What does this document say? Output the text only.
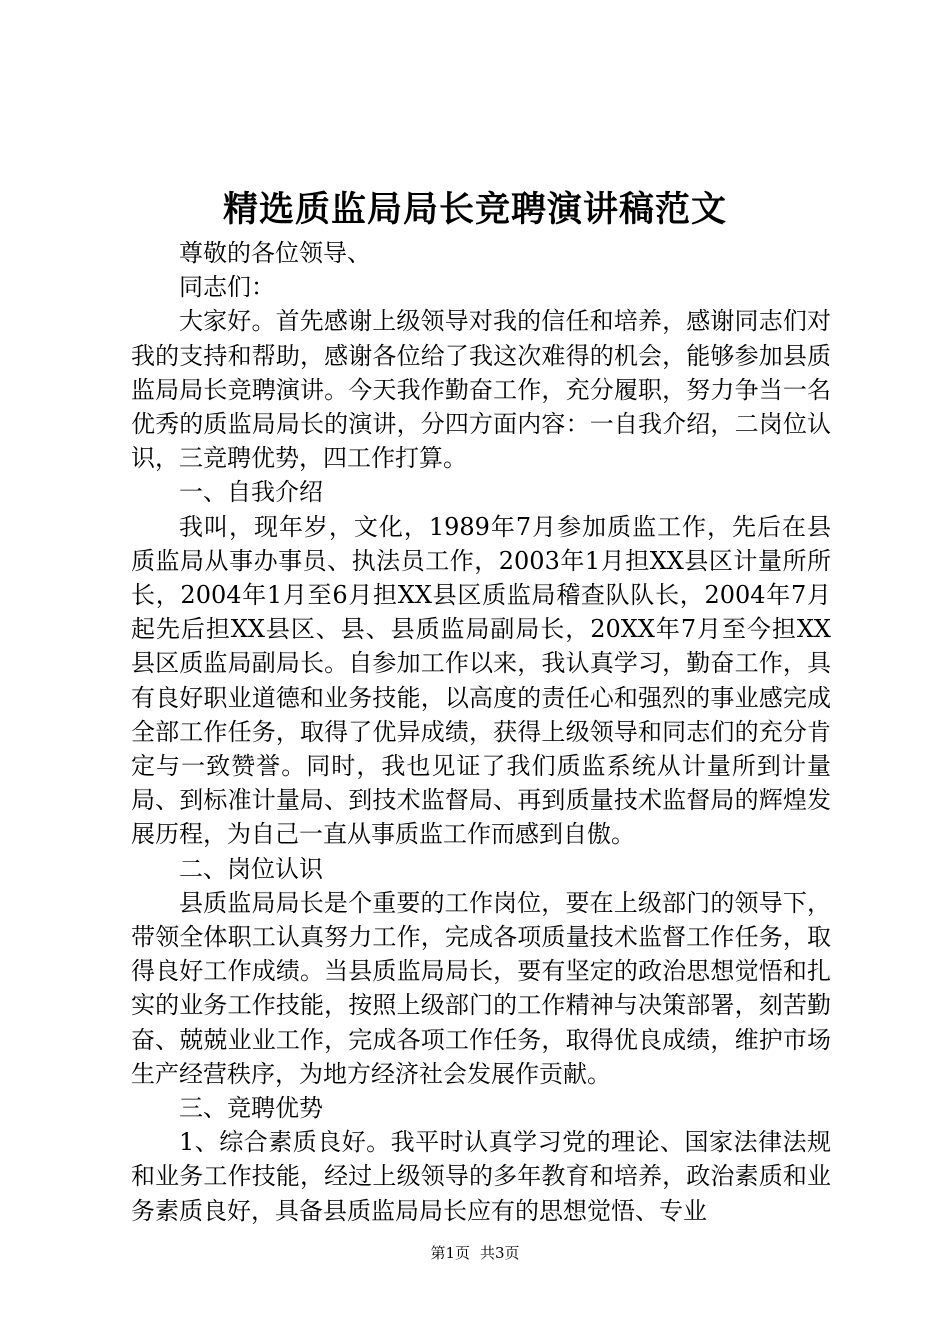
精选质监局局长竞聘演讲稿范文

尊敬的各位领导、

同志们：

大家好。首先感谢上级领导对我的信任和培养，感谢同志们对我的支持和帮助，感谢各位给了我这次难得的机会，能够参加县质监局局长竞聘演讲。今天我作勤奋工作，充分履职，努力争当一名优秀的质监局局长的演讲，分四方面内容：一自我介绍，二岗位认识，三竞聘优势，四工作打算。

一、自我介绍

我叫，现年岁，文化，1989年7月参加质监工作，先后在县质监局从事办事员、执法员工作，2003年1月担XX县区计量所所长，2004年1月至6月担XX县区质监局稽查队队长，2004年7月起先后担XX县区、县、县质监局副局长，20XX年7月至今担XX县区质监局副局长。自参加工作以来，我认真学习，勤奋工作，具有良好职业道德和业务技能，以高度的责任心和强烈的事业感完成全部工作任务，取得了优异成绩，获得上级领导和同志们的充分肯定与一致赞誉。同时，我也见证了我们质监系统从计量所到计量局、到标准计量局、到技术监督局、再到质量技术监督局的辉煌发展历程，为自己一直从事质监工作而感到自傲。

二、岗位认识

县质监局局长是个重要的工作岗位，要在上级部门的领导下，带领全体职工认真努力工作，完成各项质量技术监督工作任务，取得良好工作成绩。当县质监局局长，要有坚定的政治思想觉悟和扎实的业务工作技能，按照上级部门的工作精神与决策部署，刻苦勤奋、兢兢业业工作，完成各项工作任务，取得优良成绩，维护市场生产经营秩序，为地方经济社会发展作贡献。

三、竞聘优势

1、综合素质良好。我平时认真学习党的理论、国家法律法规和业务工作技能，经过上级领导的多年教育和培养，政治素质和业务素质良好，具备县质监局局长应有的思想觉悟、专业

第1页 共3页
